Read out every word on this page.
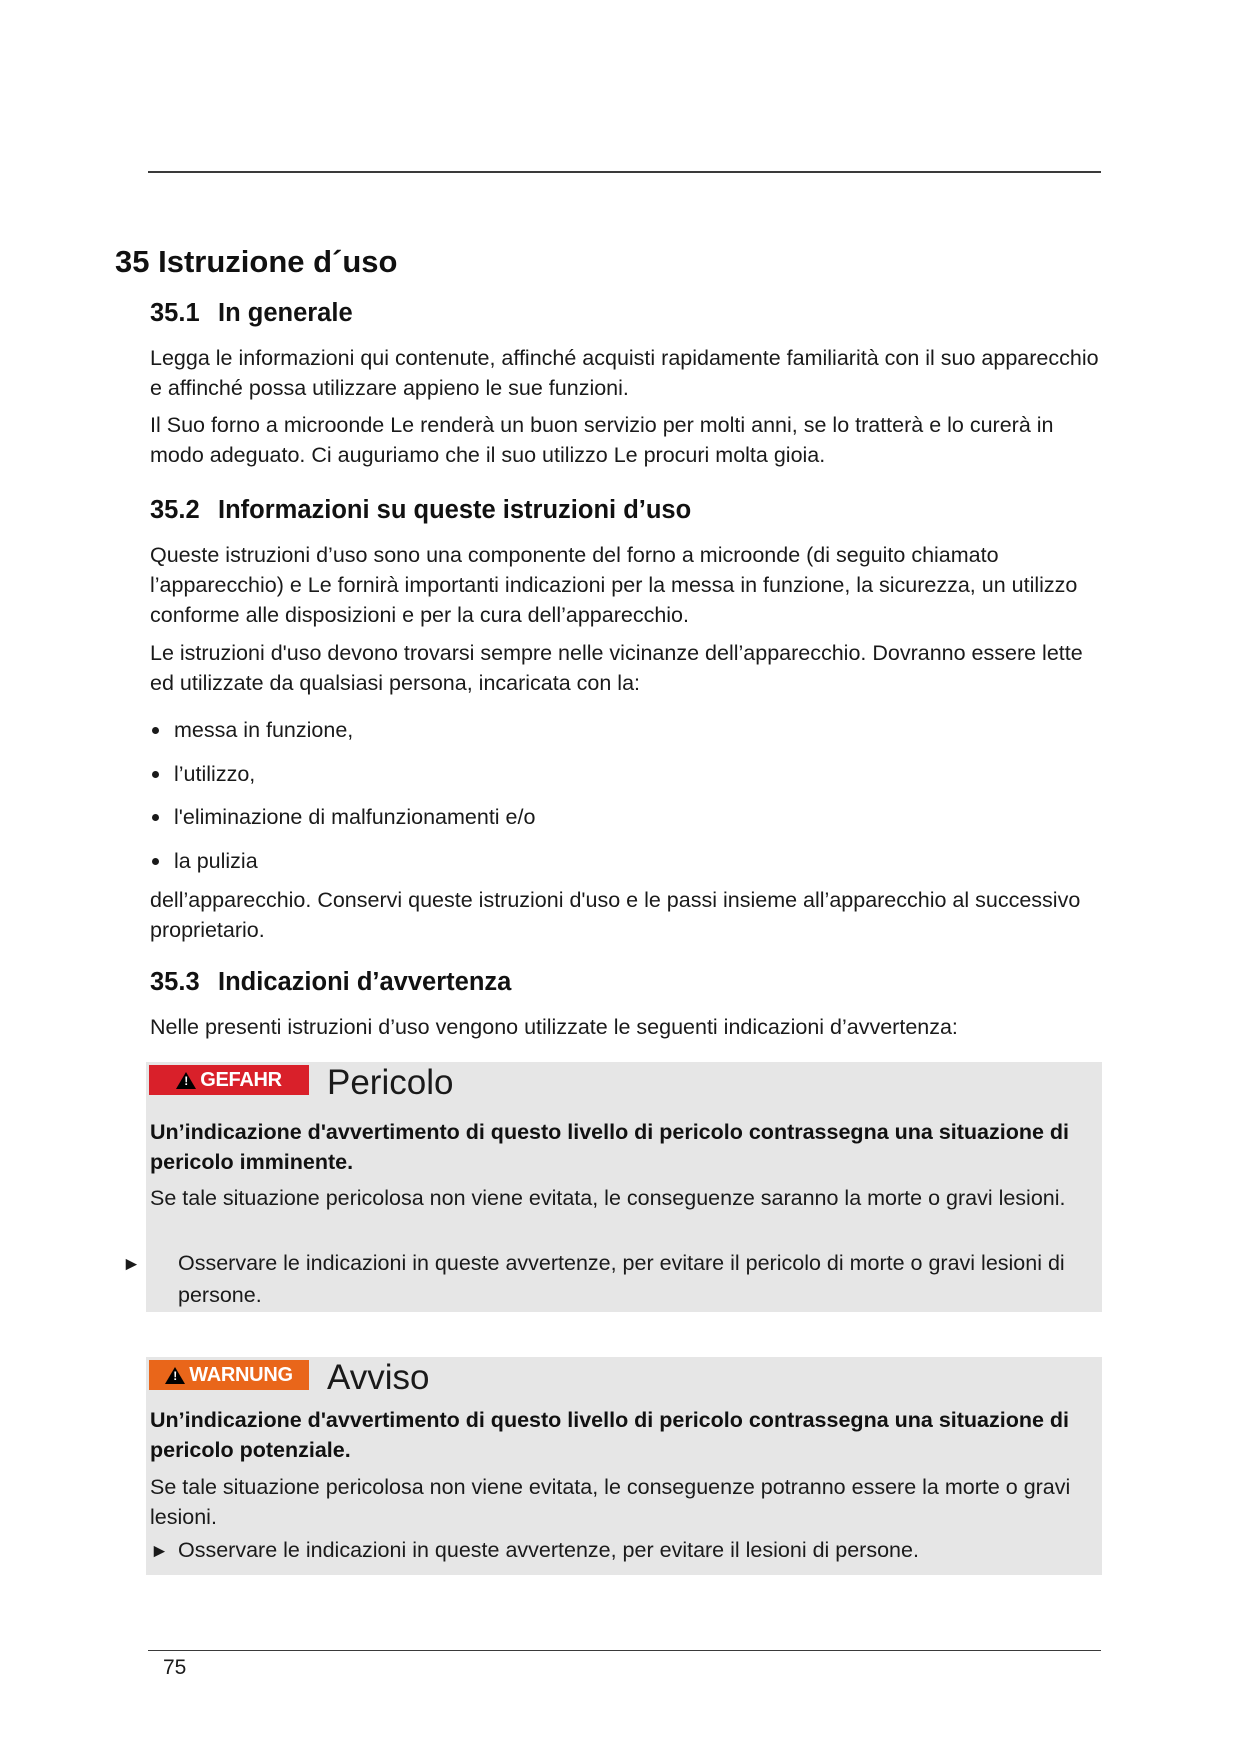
35 Istruzione d´uso
35.1 In generale

Legga le informazioni qui contenute, affinché acquisti rapidamente familiarità con il suo apparecchio e affinché possa utilizzare appieno le sue funzioni.

Il Suo forno a microonde Le renderà un buon servizio per molti anni, se lo tratterà e lo curerà in modo adeguato. Ci auguriamo che il suo utilizzo Le procuri molta gioia.

35.2 Informazioni su queste istruzioni d’uso

Queste istruzioni d’uso sono una componente del forno a microonde (di seguito chiamato l’apparecchio) e Le fornirà importanti indicazioni per la messa in funzione, la sicurezza, un utilizzo conforme alle disposizioni e per la cura dell’apparecchio.

Le istruzioni d'uso devono trovarsi sempre nelle vicinanze dell’apparecchio. Dovranno essere lette ed utilizzate da qualsiasi persona, incaricata con la:

messa in funzione,
l’utilizzo,
l'eliminazione di malfunzionamenti e/o
la pulizia

dell’apparecchio. Conservi queste istruzioni d'uso e le passi insieme all’apparecchio al successivo proprietario.

35.3 Indicazioni d’avvertenza

Nelle presenti istruzioni d’uso vengono utilizzate le seguenti indicazioni d’avvertenza:

!
GEFAHR Pericolo

Un’indicazione d'avvertimento di questo livello di pericolo contrassegna una situazione di pericolo imminente.

Se tale situazione pericolosa non viene evitata, le conseguenze saranno la morte o gravi lesioni.

► Osservare le indicazioni in queste avvertenze, per evitare il pericolo di morte o gravi lesioni di persone.

!
WARNUNG Avviso

Un’indicazione d'avvertimento di questo livello di pericolo contrassegna una situazione di pericolo potenziale.

Se tale situazione pericolosa non viene evitata, le conseguenze potranno essere la morte o gravi lesioni.

► Osservare le indicazioni in queste avvertenze, per evitare il lesioni di persone.

75
